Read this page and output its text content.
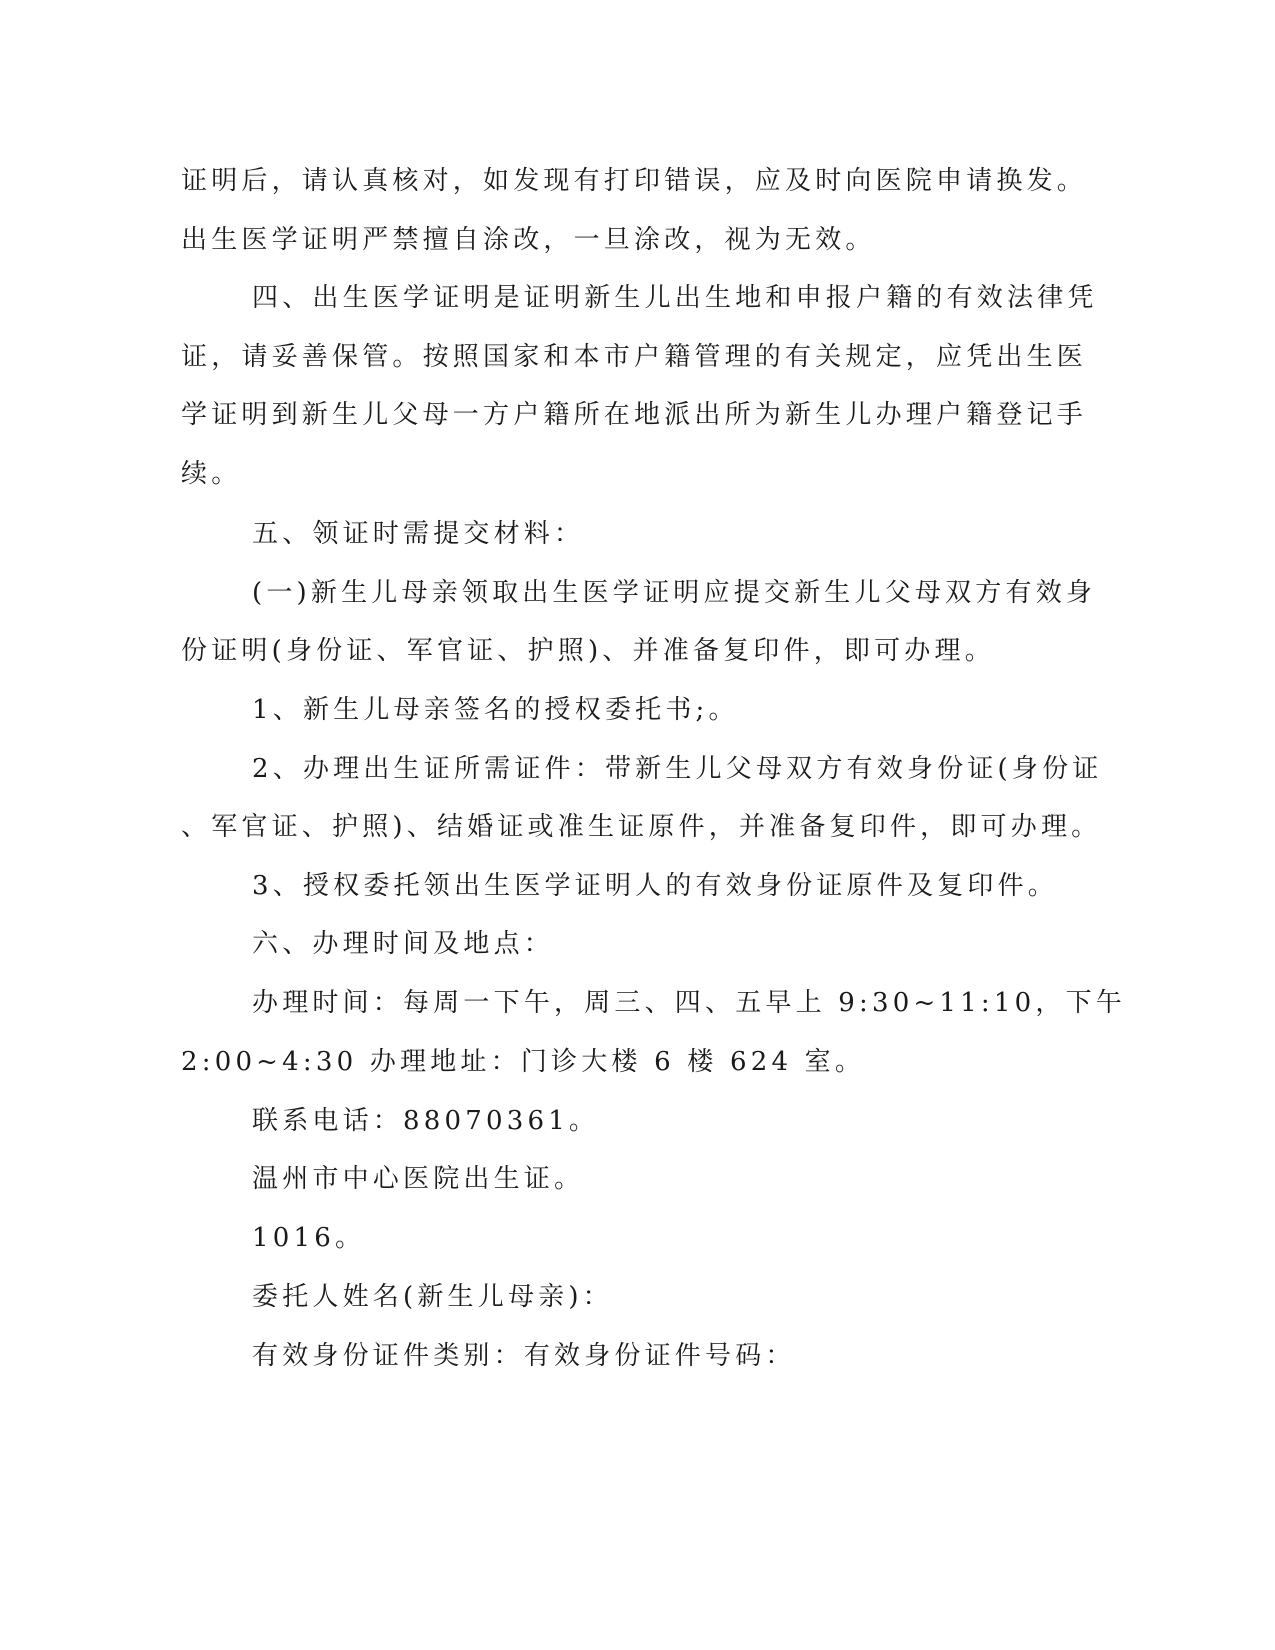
证明后，请认真核对，如发现有打印错误，应及时向医院申请换发。
出生医学证明严禁擅自涂改，一旦涂改，视为无效。
四、出生医学证明是证明新生儿出生地和申报户籍的有效法律凭
证，请妥善保管。按照国家和本市户籍管理的有关规定，应凭出生医
学证明到新生儿父母一方户籍所在地派出所为新生儿办理户籍登记手
续。
五、领证时需提交材料：
(一)新生儿母亲领取出生医学证明应提交新生儿父母双方有效身
份证明(身份证、军官证、护照)、并准备复印件，即可办理。
1、新生儿母亲签名的授权委托书;。
2、办理出生证所需证件：带新生儿父母双方有效身份证(身份证
、军官证、护照)、结婚证或准生证原件，并准备复印件，即可办理。
3、授权委托领出生医学证明人的有效身份证原件及复印件。
六、办理时间及地点：
办理时间：每周一下午，周三、四、五早上 9:30~11:10，下午
2:00~4:30 办理地址：门诊大楼 6 楼 624 室。
联系电话：88070361。
温州市中心医院出生证。
1016。
委托人姓名(新生儿母亲)：
有效身份证件类别：有效身份证件号码：
